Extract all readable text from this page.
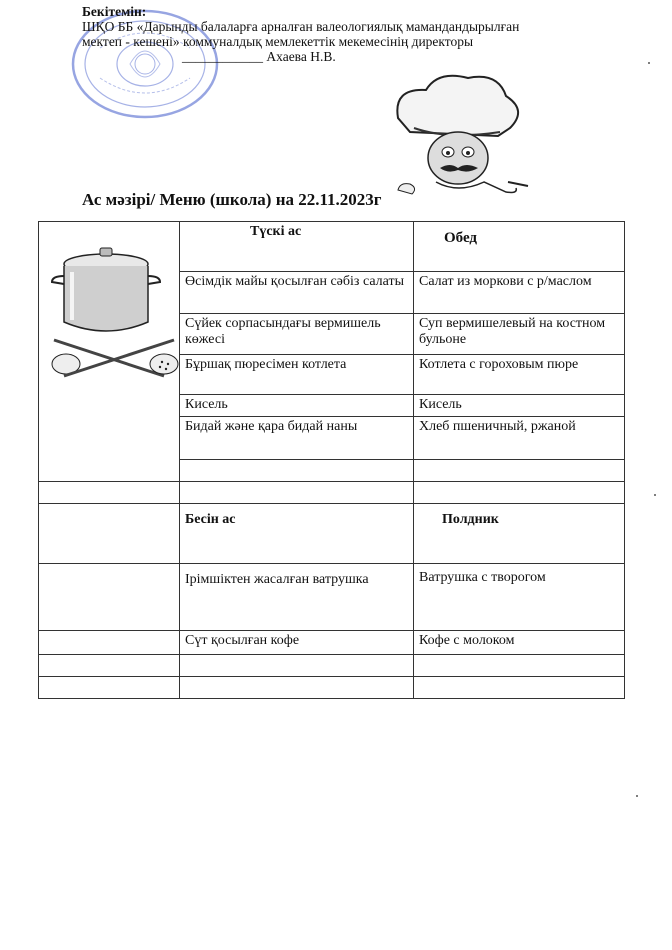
Бекітемін:
ШҚО ББ «Дарынды балаларға арналған валеологиялық мамандандырылған
мектеп - кешені» коммуналдық мемлекеттік мекемесінің директоры
____________ Ахаева Н.В.
Ас мәзірі/ Меню (школа) на 22.11.2023г
	Түскі ас	Обед
	Өсімдік майы қосылған сәбіз салаты	Салат из моркови с р/маслом
	Сүйек сорпасындағы вермишель көжесі	Суп вермишелевый на костном бульоне
	Бұршақ пюресімен котлета	Котлета с гороховым пюре
	Кисель	Кисель
	Бидай және қара бидай наны	Хлеб пшеничный, ржаной

	Бесін ас	Полдник
	Ірімшіктен жасалған ватрушка	Ватрушка с творогом
	Сүт қосылған кофе	Кофе с молоком
